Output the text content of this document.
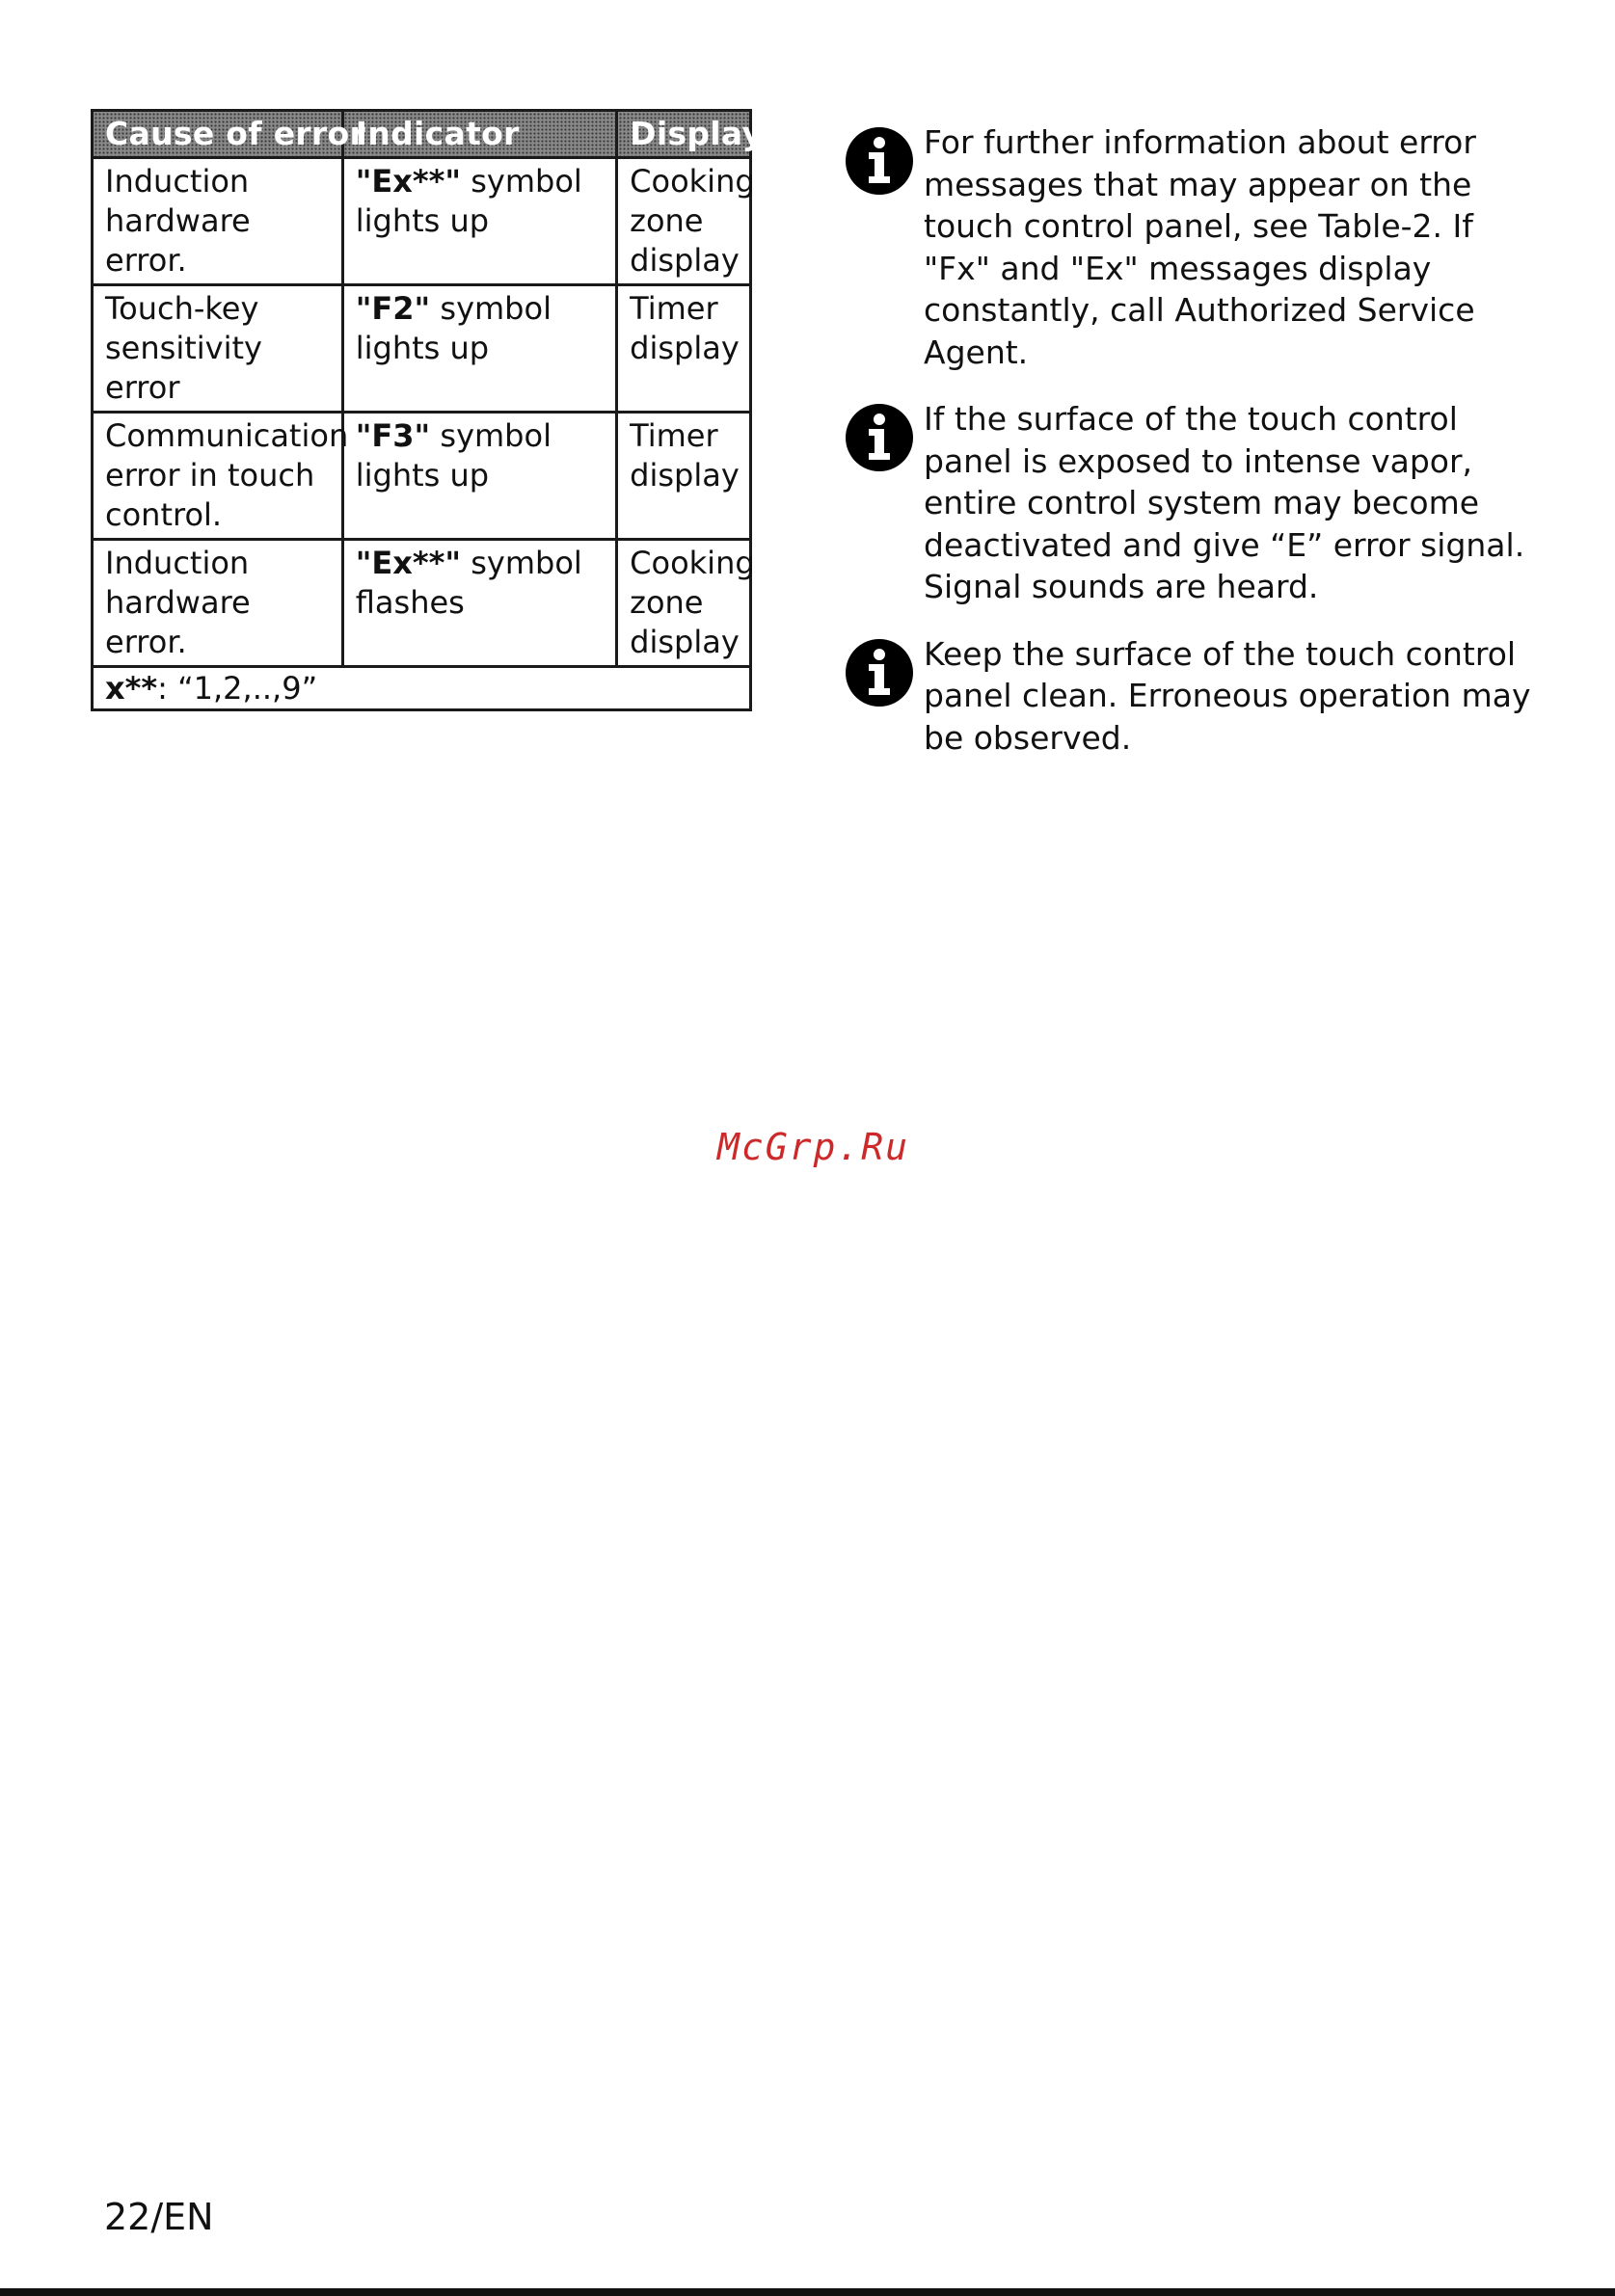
Cause of error	Indicator	Display
Induction hardware error.	"Ex**" symbol lights up	Cooking zone display
Touch-key sensitivity error	"F2" symbol lights up	Timer display
Communication error in touch control.	"F3" symbol lights up	Timer display
Induction hardware error.	"Ex**" symbol flashes	Cooking zone display
x**: “1,2,..,9”		
For further information about error messages that may appear on the touch control panel, see Table-2. If "Fx" and "Ex" messages display constantly, call Authorized Service Agent.
If the surface of the touch control panel is exposed to intense vapor, entire control system may become deactivated and give “E” error signal. Signal sounds are heard.
Keep the surface of the touch control panel clean. Erroneous operation may be observed.
McGrp.Ru
22/EN
